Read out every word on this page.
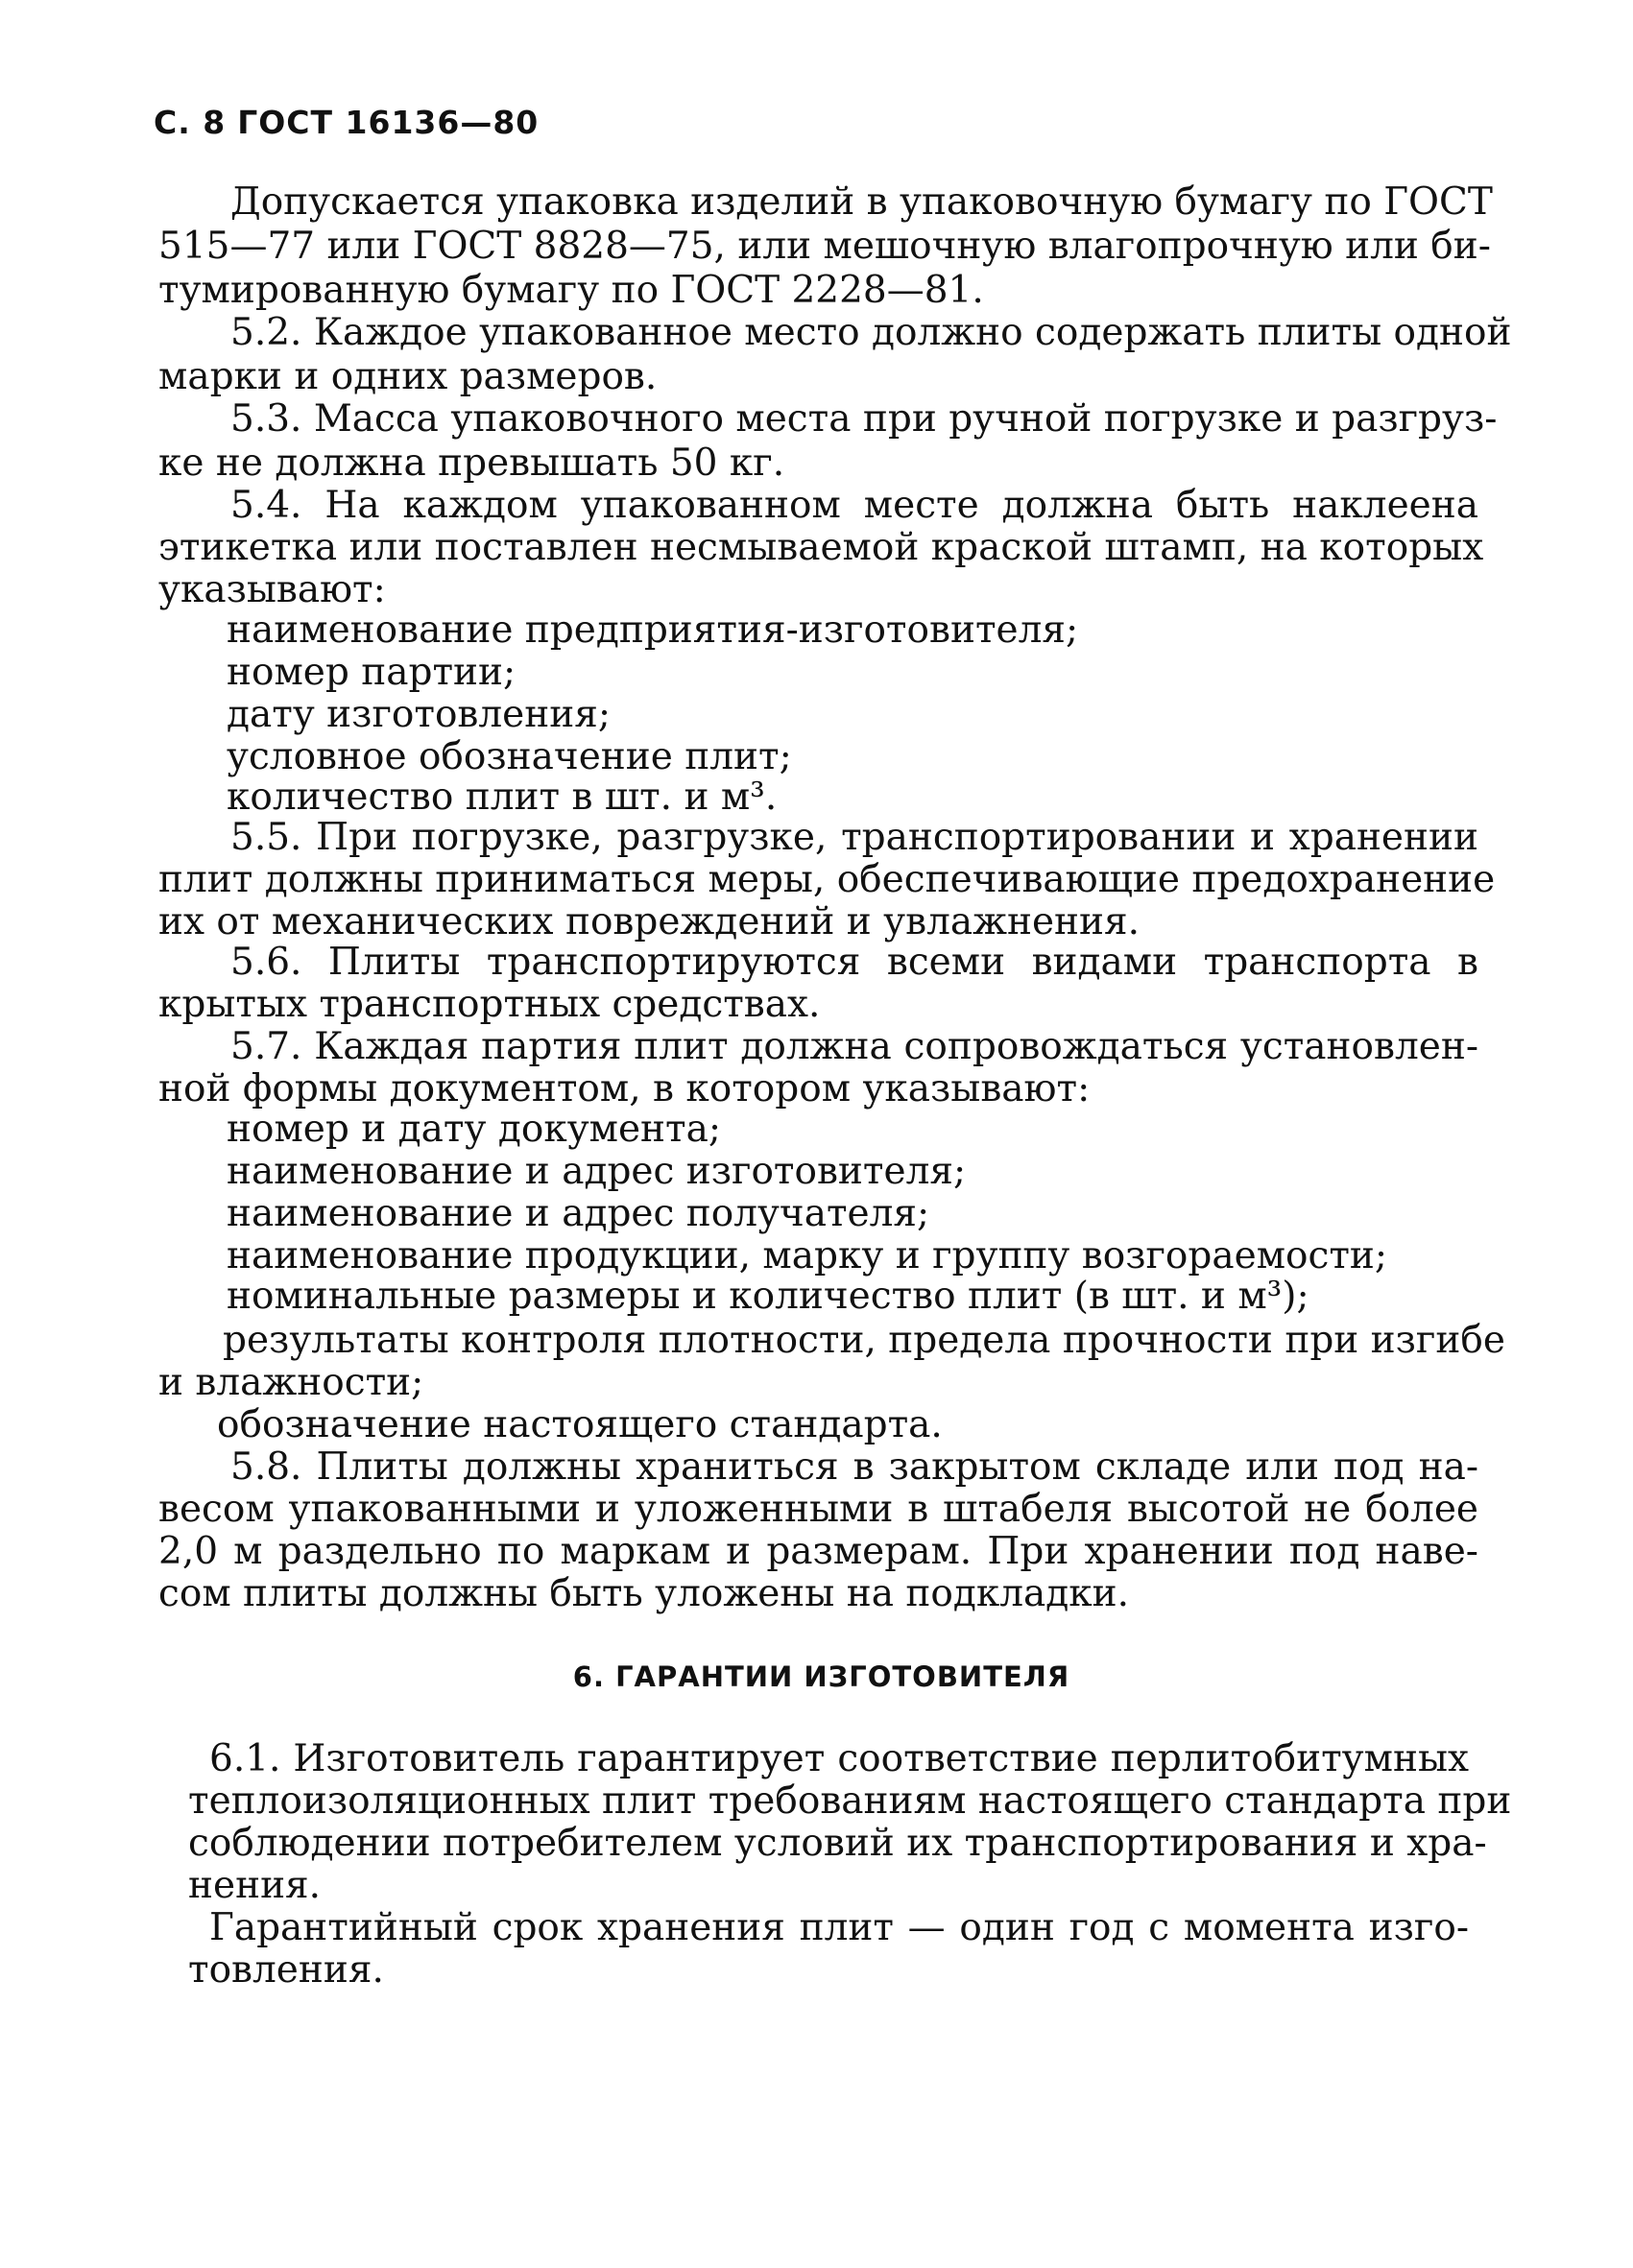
С. 8 ГОСТ 16136—80
Допускается упаковка изделий в упаковочную бумагу по ГОСТ
515—77 или ГОСТ 8828—75, или мешочную влагопрочную или би-
тумированную бумагу по ГОСТ 2228—81.
5.2. Каждое упакованное место должно содержать плиты одной
марки и одних размеров.
5.3. Масса упаковочного места при ручной погрузке и разгруз-
ке не должна превышать 50 кг.
5.4. На каждом упакованном месте должна быть наклеена
этикетка или поставлен несмываемой краской штамп, на которых
указывают:
наименование предприятия-изготовителя;
номер партии;
дату изготовления;
условное обозначение плит;
количество плит в шт. и м³.
5.5. При погрузке, разгрузке, транспортировании и хранении
плит должны приниматься меры, обеспечивающие предохранение
их от механических повреждений и увлажнения.
5.6. Плиты транспортируются всеми видами транспорта в
крытых транспортных средствах.
5.7. Каждая партия плит должна сопровождаться установлен-
ной формы документом, в котором указывают:
номер и дату документа;
наименование и адрес изготовителя;
наименование и адрес получателя;
наименование продукции, марку и группу возгораемости;
номинальные размеры и количество плит (в шт. и м³);
результаты контроля плотности, предела прочности при изгибе
и влажности;
обозначение настоящего стандарта.
5.8. Плиты должны храниться в закрытом складе или под на-
весом упакованными и уложенными в штабеля высотой не более
2,0 м раздельно по маркам и размерам. При хранении под наве-
сом плиты должны быть уложены на подкладки.
6. ГАРАНТИИ ИЗГОТОВИТЕЛЯ
6.1. Изготовитель гарантирует соответствие перлитобитумных
теплоизоляционных плит требованиям настоящего стандарта при
соблюдении потребителем условий их транспортирования и хра-
нения.
Гарантийный срок хранения плит — один год с момента изго-
товления.
